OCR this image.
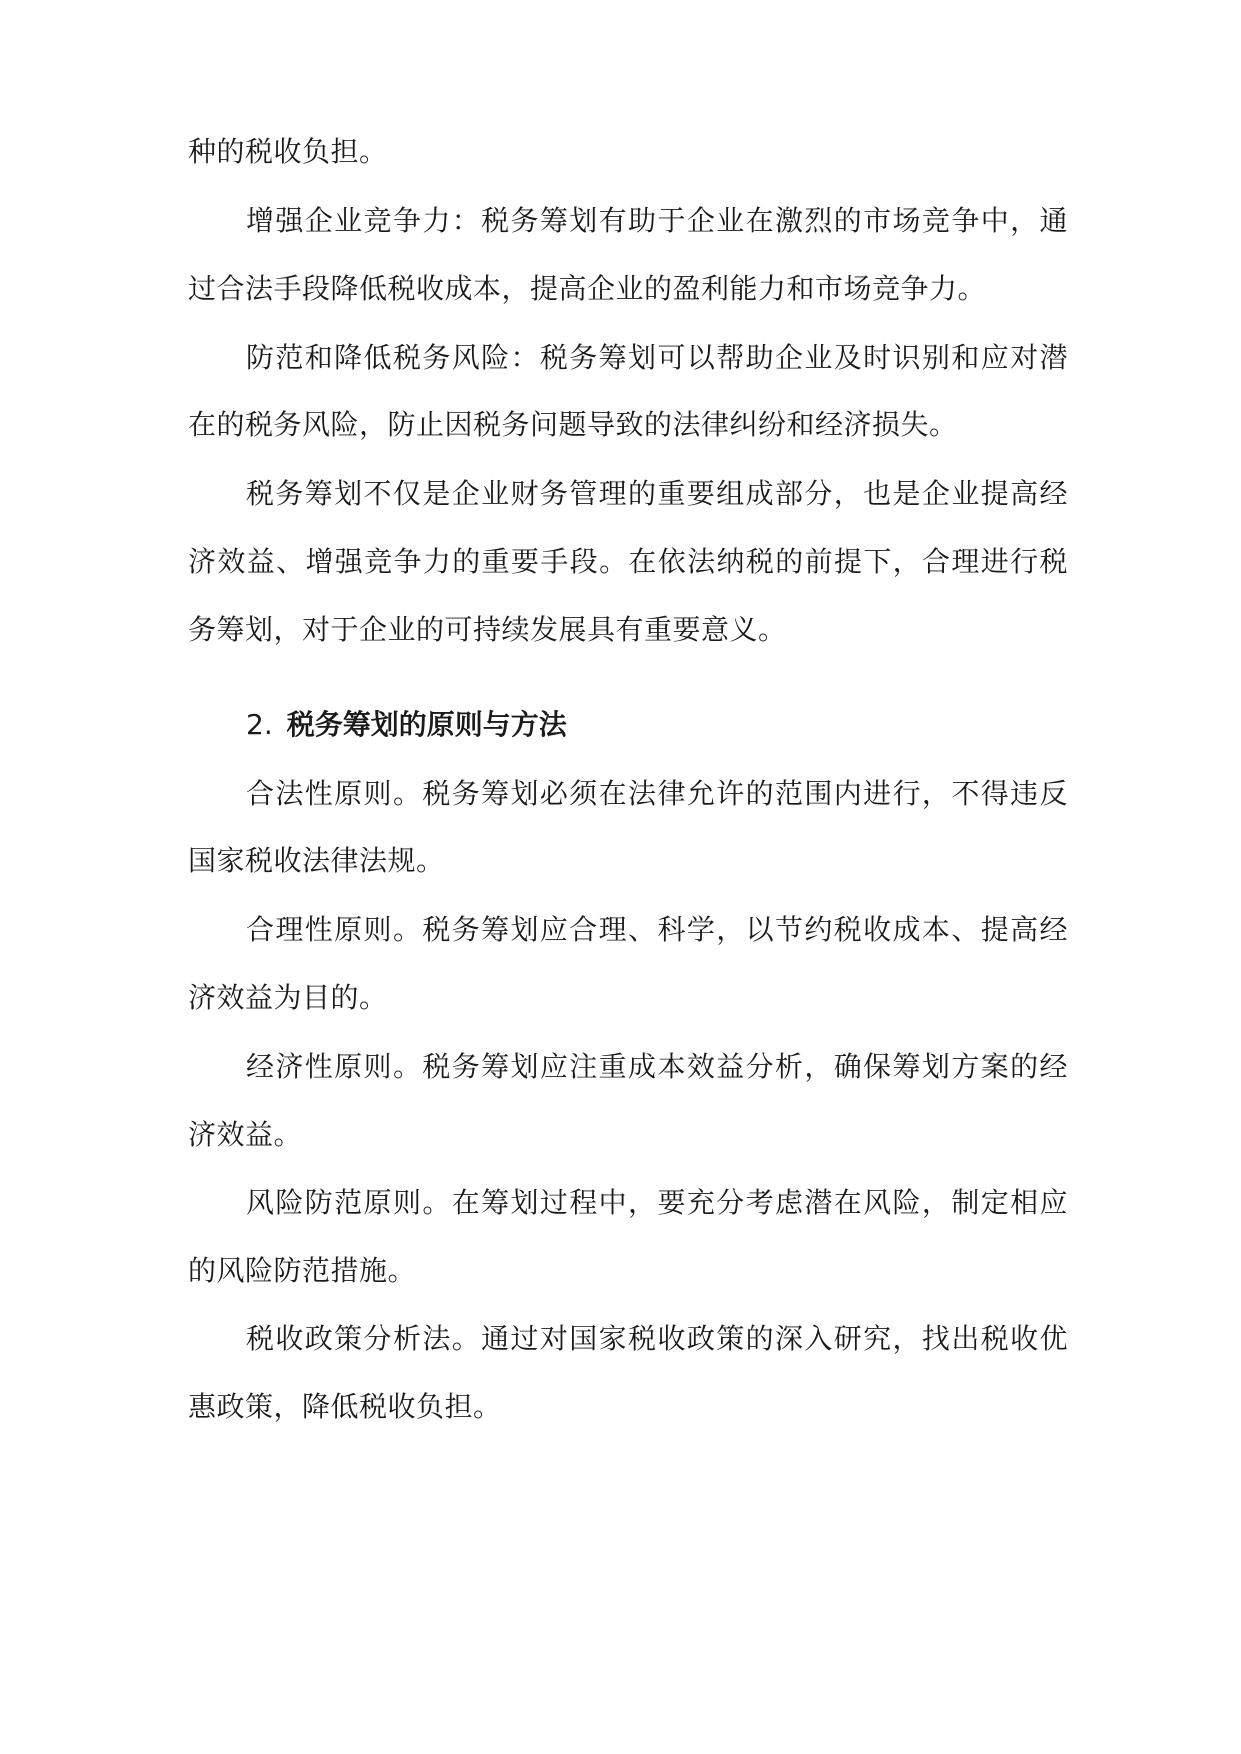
种的税收负担。
增强企业竞争力：税务筹划有助于企业在激烈的市场竞争中，通
过合法手段降低税收成本，提高企业的盈利能力和市场竞争力。
防范和降低税务风险：税务筹划可以帮助企业及时识别和应对潜
在的税务风险，防止因税务问题导致的法律纠纷和经济损失。
税务筹划不仅是企业财务管理的重要组成部分，也是企业提高经
济效益、增强竞争力的重要手段。在依法纳税的前提下，合理进行税
务筹划，对于企业的可持续发展具有重要意义。
2. 税务筹划的原则与方法
合法性原则。税务筹划必须在法律允许的范围内进行，不得违反
国家税收法律法规。
合理性原则。税务筹划应合理、科学，以节约税收成本、提高经
济效益为目的。
经济性原则。税务筹划应注重成本效益分析，确保筹划方案的经
济效益。
风险防范原则。在筹划过程中，要充分考虑潜在风险，制定相应
的风险防范措施。
税收政策分析法。通过对国家税收政策的深入研究，找出税收优
惠政策，降低税收负担。
